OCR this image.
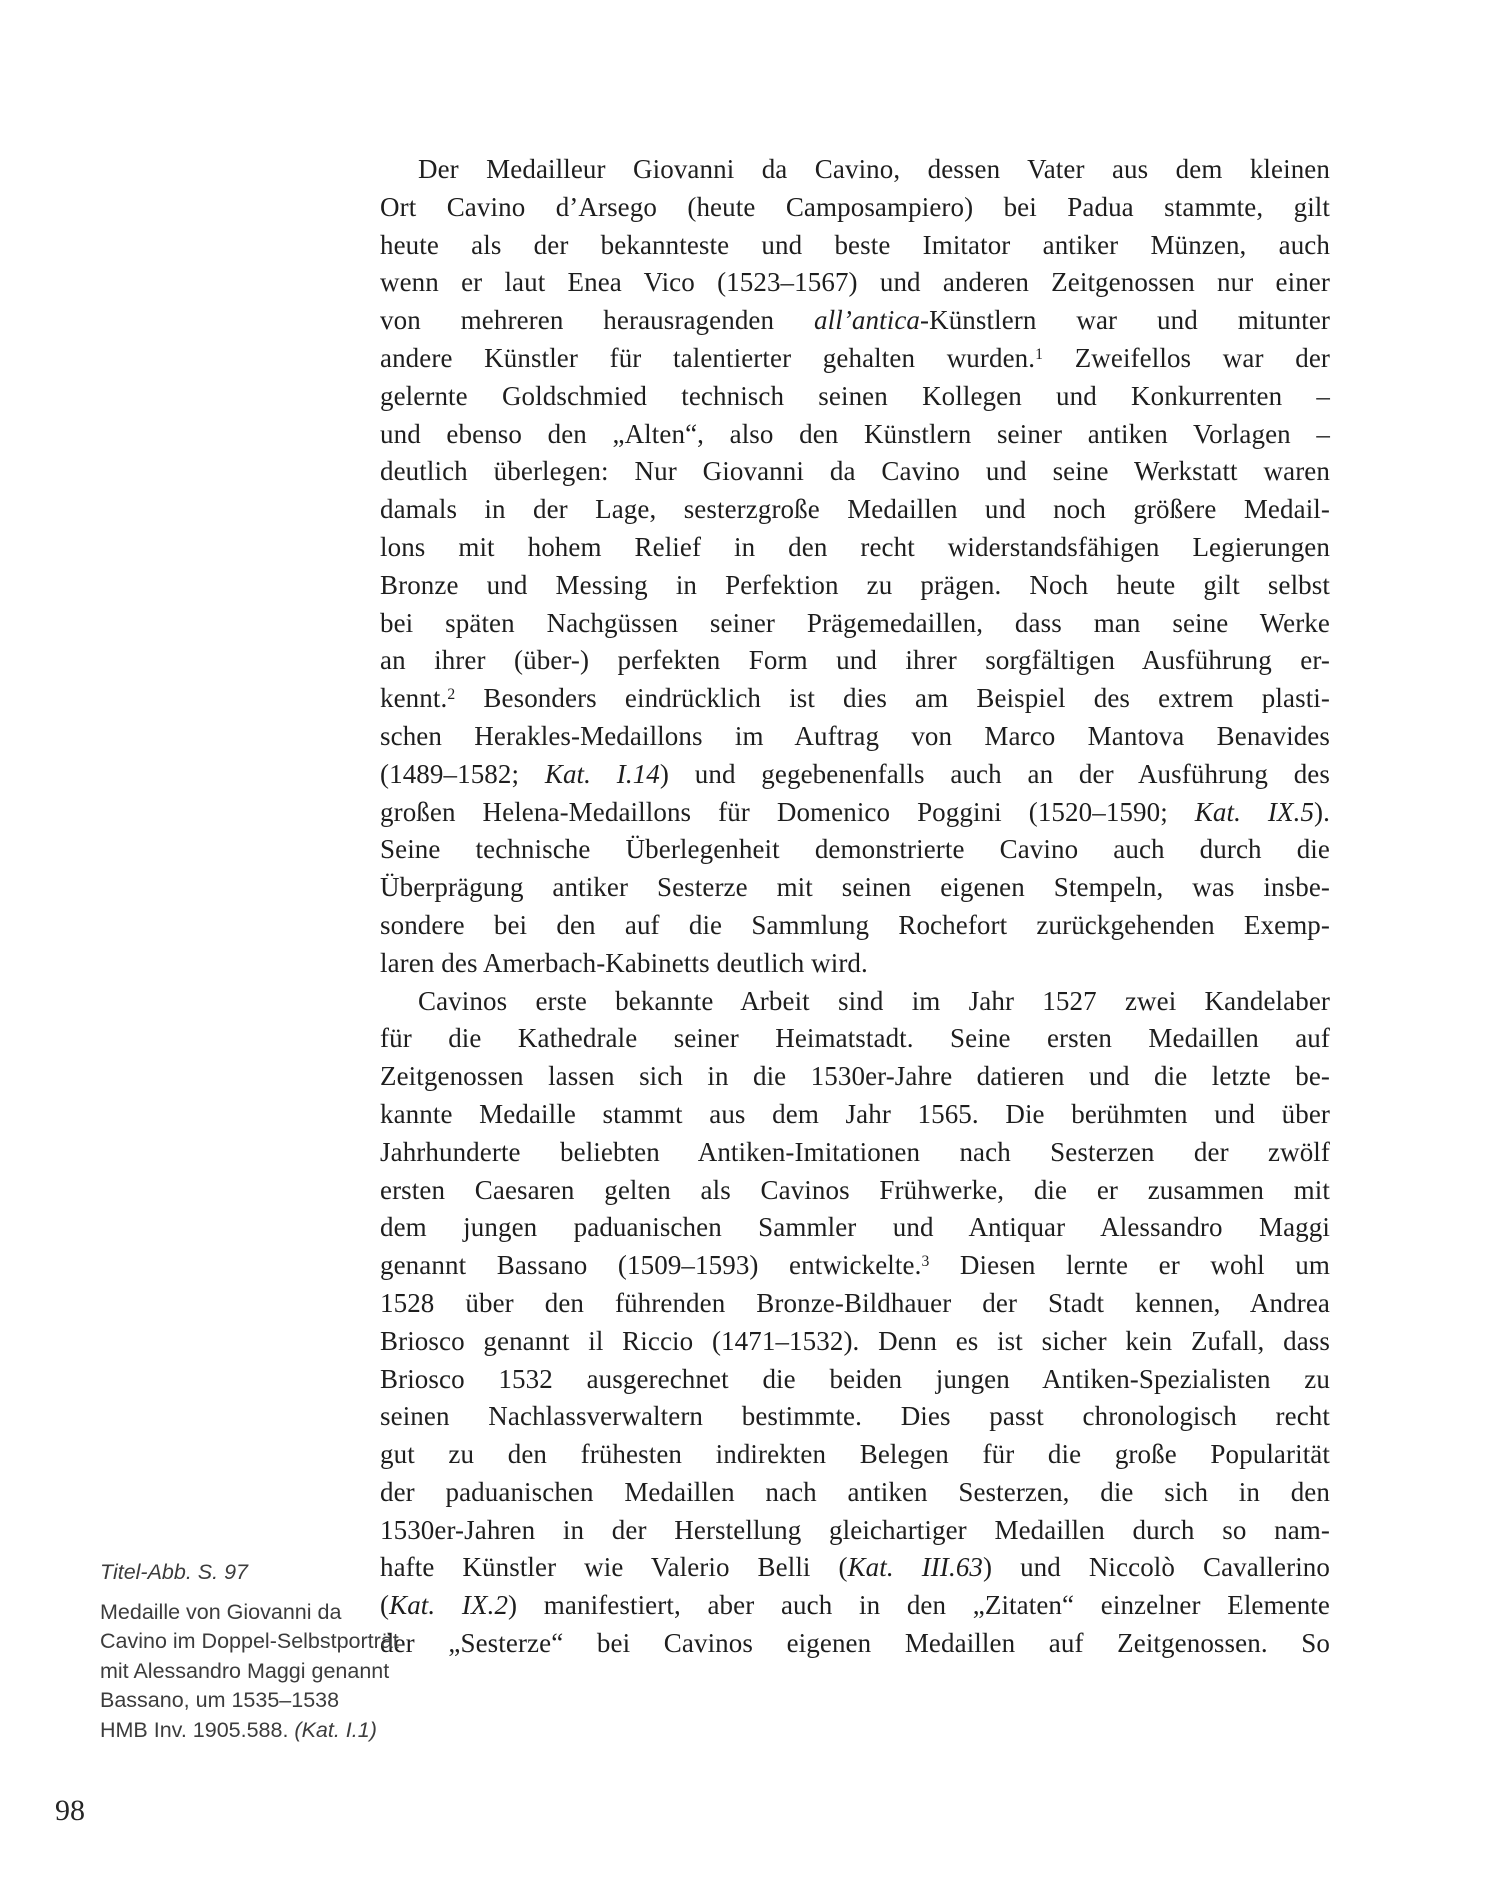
Der Medailleur Giovanni da Cavino, dessen Vater aus dem kleinen
Ort Cavino d’Arsego (heute Camposampiero) bei Padua stammte, gilt
heute als der bekannteste und beste Imitator antiker Münzen, auch
wenn er laut Enea Vico (1523–1567) und anderen Zeitgenossen nur einer
von mehreren herausragenden all’antica-Künstlern war und mitunter
andere Künstler für talentierter gehalten wurden.$^1$ Zweifellos war der
gelernte Goldschmied technisch seinen Kollegen und Konkurrenten –
und ebenso den „Alten“, also den Künstlern seiner antiken Vorlagen –
deutlich überlegen: Nur Giovanni da Cavino und seine Werkstatt waren
damals in der Lage, sesterzgroße Medaillen und noch größere Medail-
lons mit hohem Relief in den recht widerstandsfähigen Legierungen
Bronze und Messing in Perfektion zu prägen. Noch heute gilt selbst
bei späten Nachgüssen seiner Prägemedaillen, dass man seine Werke
an ihrer (über-) perfekten Form und ihrer sorgfältigen Ausführung er-
kennt.$^2$ Besonders eindrücklich ist dies am Beispiel des extrem plasti-
schen Herakles-Medaillons im Auftrag von Marco Mantova Benavides
(1489–1582; Kat. I.14) und gegebenenfalls auch an der Ausführung des
großen Helena-Medaillons für Domenico Poggini (1520–1590; Kat. IX.5).
Seine technische Überlegenheit demonstrierte Cavino auch durch die
Überprägung antiker Sesterze mit seinen eigenen Stempeln, was insbe-
sondere bei den auf die Sammlung Rochefort zurückgehenden Exemp-
laren des Amerbach-Kabinetts deutlich wird.
Cavinos erste bekannte Arbeit sind im Jahr 1527 zwei Kandelaber
für die Kathedrale seiner Heimatstadt. Seine ersten Medaillen auf
Zeitgenossen lassen sich in die 1530er-Jahre datieren und die letzte be-
kannte Medaille stammt aus dem Jahr 1565. Die berühmten und über
Jahrhunderte beliebten Antiken-Imitationen nach Sesterzen der zwölf
ersten Caesaren gelten als Cavinos Frühwerke, die er zusammen mit
dem jungen paduanischen Sammler und Antiquar Alessandro Maggi
genannt Bassano (1509–1593) entwickelte.$^3$ Diesen lernte er wohl um
1528 über den führenden Bronze-Bildhauer der Stadt kennen, Andrea
Briosco genannt il Riccio (1471–1532). Denn es ist sicher kein Zufall, dass
Briosco 1532 ausgerechnet die beiden jungen Antiken-Spezialisten zu
seinen Nachlassverwaltern bestimmte. Dies passt chronologisch recht
gut zu den frühesten indirekten Belegen für die große Popularität
der paduanischen Medaillen nach antiken Sesterzen, die sich in den
1530er-Jahren in der Herstellung gleichartiger Medaillen durch so nam-
hafte Künstler wie Valerio Belli (Kat. III.63) und Niccolò Cavallerino
(Kat. IX.2) manifestiert, aber auch in den „Zitaten“ einzelner Elemente
der „Sesterze“ bei Cavinos eigenen Medaillen auf Zeitgenossen. So
Titel-Abb. S. 97
Medaille von Giovanni da
Cavino im Doppel-Selbstporträt
mit Alessandro Maggi genannt
Bassano, um 1535–1538
HMB Inv. 1905.588. (Kat. I.1)
98
